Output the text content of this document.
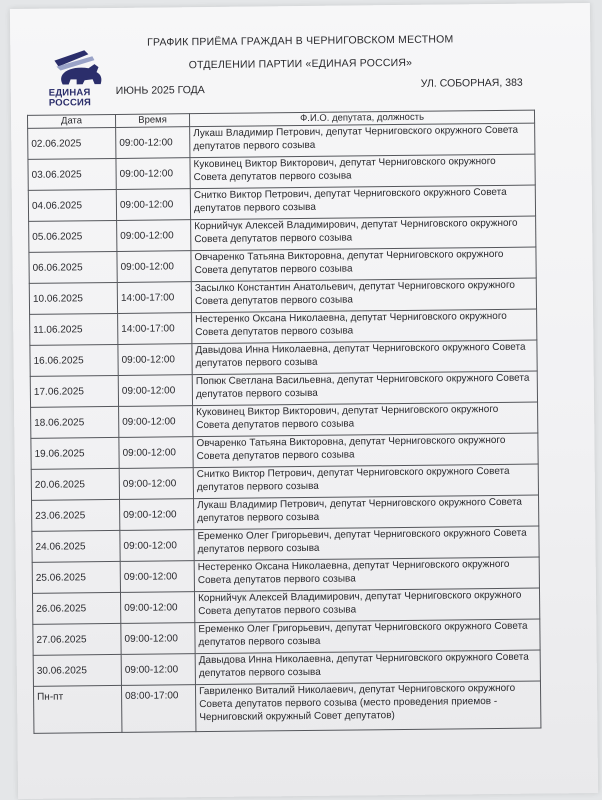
ЕДИНАЯ
РОССИЯ
ГРАФИК ПРИЁМА ГРАЖДАН В ЧЕРНИГОВСКОМ МЕСТНОМ
ОТДЕЛЕНИИ ПАРТИИ «ЕДИНАЯ РОССИЯ»
ИЮНЬ 2025 ГОДА
УЛ. СОБОРНАЯ, 383
Дата	Время	Ф.И.О. депутата, должность
02.06.2025	09:00-12:00	Лукаш Владимир Петрович, депутат Черниговского окружного Совета депутатов первого созыва
03.06.2025	09:00-12:00	Куковинец Виктор Викторович, депутат Черниговского окружного Совета депутатов первого созыва
04.06.2025	09:00-12:00	Снитко Виктор Петрович, депутат Черниговского окружного Совета депутатов первого созыва
05.06.2025	09:00-12:00	Корнийчук Алексей Владимирович, депутат Черниговского окружного Совета депутатов первого созыва
06.06.2025	09:00-12:00	Овчаренко Татьяна Викторовна, депутат Черниговского окружного Совета депутатов первого созыва
10.06.2025	14:00-17:00	Засылко Константин Анатольевич, депутат Черниговского окружного Совета депутатов первого созыва
11.06.2025	14:00-17:00	Нестеренко Оксана Николаевна, депутат Черниговского окружного Совета депутатов первого созыва
16.06.2025	09:00-12:00	Давыдова Инна Николаевна, депутат Черниговского окружного Совета депутатов первого созыва
17.06.2025	09:00-12:00	Попюк Светлана Васильевна, депутат Черниговского окружного Совета депутатов первого созыва
18.06.2025	09:00-12:00	Куковинец Виктор Викторович, депутат Черниговского окружного Совета депутатов первого созыва
19.06.2025	09:00-12:00	Овчаренко Татьяна Викторовна, депутат Черниговского окружного Совета депутатов первого созыва
20.06.2025	09:00-12:00	Снитко Виктор Петрович, депутат Черниговского окружного Совета депутатов первого созыва
23.06.2025	09:00-12:00	Лукаш Владимир Петрович, депутат Черниговского окружного Совета депутатов первого созыва
24.06.2025	09:00-12:00	Еременко Олег Григорьевич, депутат Черниговского окружного Совета депутатов первого созыва
25.06.2025	09:00-12:00	Нестеренко Оксана Николаевна, депутат Черниговского окружного Совета депутатов первого созыва
26.06.2025	09:00-12:00	Корнийчук Алексей Владимирович, депутат Черниговского окружного Совета депутатов первого созыва
27.06.2025	09:00-12:00	Еременко Олег Григорьевич, депутат Черниговского окружного Совета депутатов первого созыва
30.06.2025	09:00-12:00	Давыдова Инна Николаевна, депутат Черниговского окружного Совета депутатов первого созыва
Пн-пт	08:00-17:00	Гавриленко Виталий Николаевич, депутат Черниговского окружного Совета депутатов первого созыва (место проведения приемов - Черниговский окружный Совет депутатов)
